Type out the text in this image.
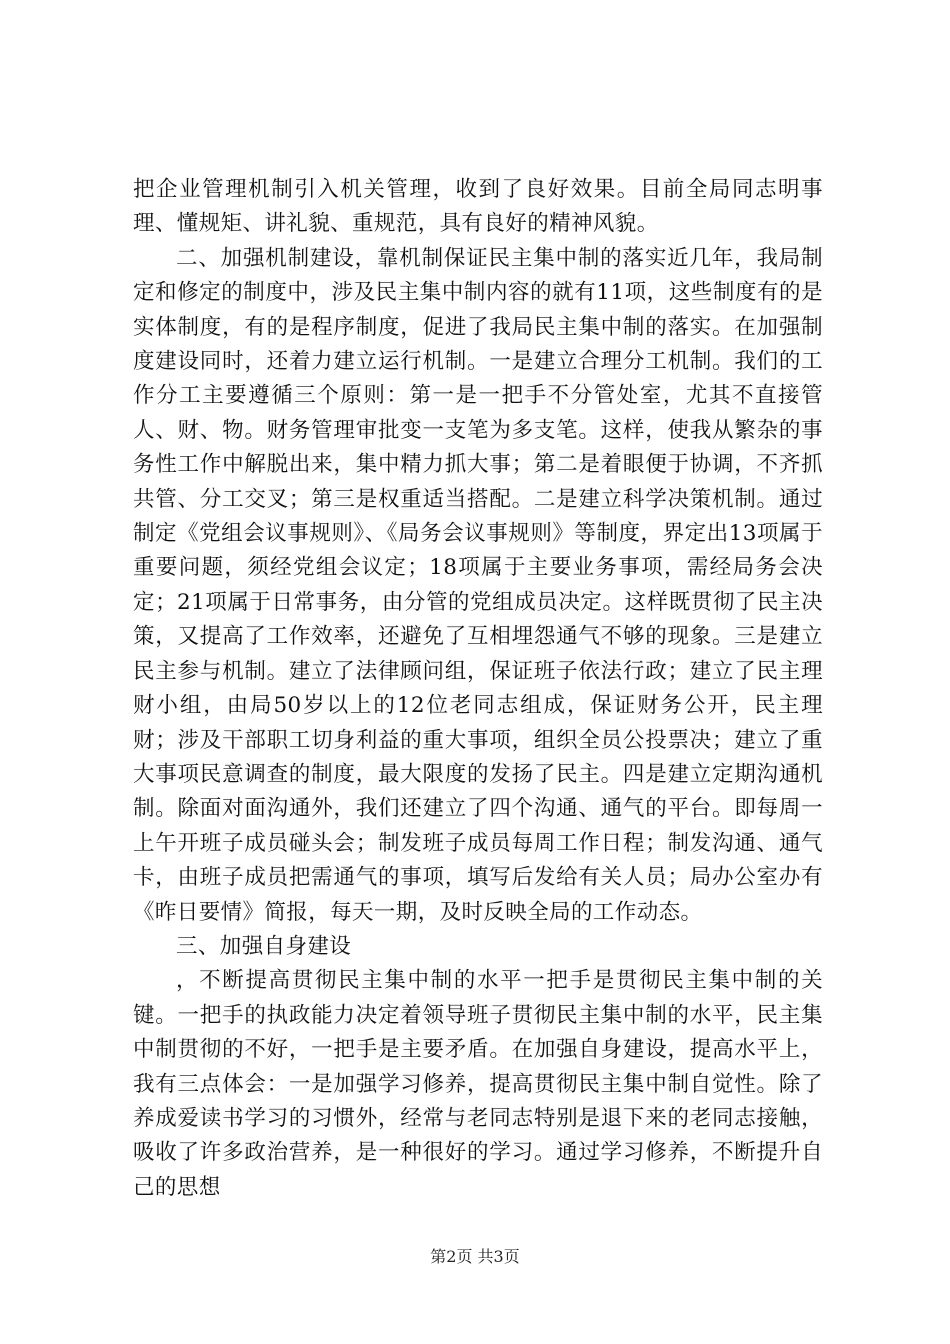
把企业管理机制引入机关管理，收到了良好效果。目前全局同志明事理、懂规矩、讲礼貌、重规范，具有良好的精神风貌。

二、加强机制建设，靠机制保证民主集中制的落实近几年，我局制定和修定的制度中，涉及民主集中制内容的就有11项，这些制度有的是实体制度，有的是程序制度，促进了我局民主集中制的落实。在加强制度建设同时，还着力建立运行机制。一是建立合理分工机制。我们的工作分工主要遵循三个原则：第一是一把手不分管处室，尤其不直接管人、财、物。财务管理审批变一支笔为多支笔。这样，使我从繁杂的事务性工作中解脱出来，集中精力抓大事；第二是着眼便于协调，不齐抓共管、分工交叉；第三是权重适当搭配。二是建立科学决策机制。通过制定《党组会议事规则》、《局务会议事规则》等制度，界定出13项属于重要问题，须经党组会议定；18项属于主要业务事项，需经局务会决定；21项属于日常事务，由分管的党组成员决定。这样既贯彻了民主决策，又提高了工作效率，还避免了互相埋怨通气不够的现象。三是建立民主参与机制。建立了法律顾问组，保证班子依法行政；建立了民主理财小组，由局50岁以上的12位老同志组成，保证财务公开，民主理财；涉及干部职工切身利益的重大事项，组织全员公投票决；建立了重大事项民意调查的制度，最大限度的发扬了民主。四是建立定期沟通机制。除面对面沟通外，我们还建立了四个沟通、通气的平台。即每周一上午开班子成员碰头会；制发班子成员每周工作日程；制发沟通、通气卡，由班子成员把需通气的事项，填写后发给有关人员；局办公室办有《昨日要情》简报，每天一期，及时反映全局的工作动态。

三、加强自身建设

，不断提高贯彻民主集中制的水平一把手是贯彻民主集中制的关键。一把手的执政能力决定着领导班子贯彻民主集中制的水平，民主集中制贯彻的不好，一把手是主要矛盾。在加强自身建设，提高水平上，我有三点体会：一是加强学习修养，提高贯彻民主集中制自觉性。除了养成爱读书学习的习惯外，经常与老同志特别是退下来的老同志接触，吸收了许多政治营养，是一种很好的学习。通过学习修养，不断提升自己的思想

第2页 共3页
